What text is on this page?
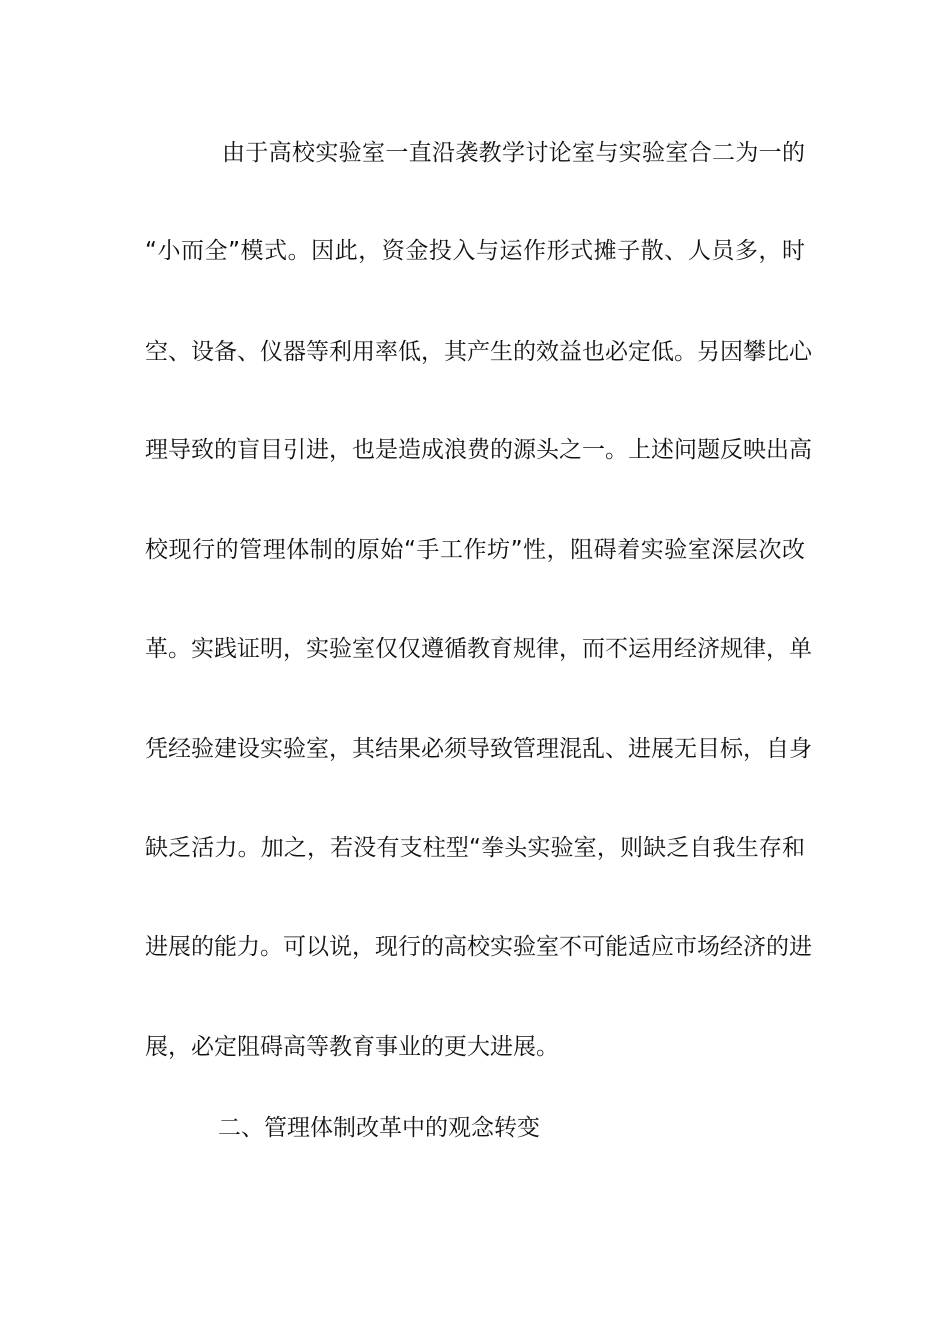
由于高校实验室一直沿袭教学讨论室与实验室合二为一的
“小而全”模式。因此，资金投入与运作形式摊子散、人员多，时
空、设备、仪器等利用率低，其产生的效益也必定低。另因攀比心
理导致的盲目引进，也是造成浪费的源头之一。上述问题反映出高
校现行的管理体制的原始“手工作坊”性，阻碍着实验室深层次改
革。实践证明，实验室仅仅遵循教育规律，而不运用经济规律，单
凭经验建设实验室，其结果必须导致管理混乱、进展无目标，自身
缺乏活力。加之，若没有支柱型“拳头实验室，则缺乏自我生存和
进展的能力。可以说，现行的高校实验室不可能适应市场经济的进
展，必定阻碍高等教育事业的更大进展。
二、管理体制改革中的观念转变
